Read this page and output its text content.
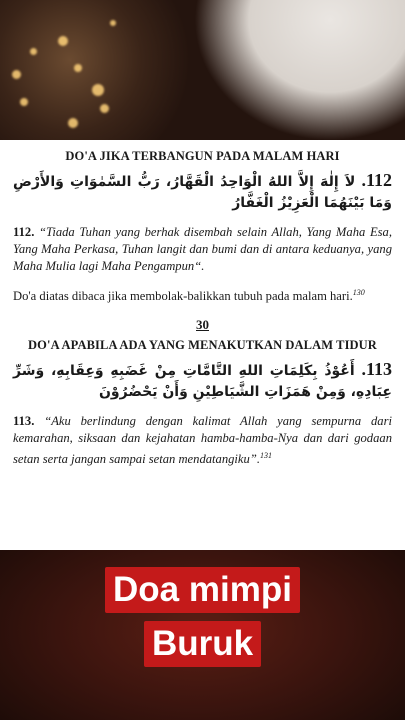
DO'A JIKA TERBANGUN PADA MALAM HARI

112. لاَ إِلٰهَ إِلاَّ اللهُ الْوَاحِدُ الْقَهَّارُ، رَبُّ السَّمٰوَاتِ وَالأَرْضِ وَمَا بَيْنَهُمَا الْعَزِيْزُ الْغَفَّارُ

112. “Tiada Tuhan yang berhak disembah selain Allah, Yang Maha Esa, Yang Maha Perkasa, Tuhan langit dan bumi dan di antara keduanya, yang Maha Mulia lagi Maha Pengampun“.

Do'a diatas dibaca jika membolak-balikkan tubuh pada malam hari.$^{130}$

30

DO'A APABILA ADA YANG MENAKUTKAN DALAM TIDUR

113. أَعُوْذُ بِكَلِمَاتِ اللهِ التَّامَّاتِ مِنْ غَضَبِهِ وَعِقَابِهِ، وَشَرِّ عِبَادِهِ، وَمِنْ هَمَزَاتِ الشَّيَاطِيْنِ وَأَنْ يَحْضُرُوْنَ

113. “Aku berlindung dengan kalimat Allah yang sempurna dari kemarahan, siksaan dan kejahatan hamba-hamba-Nya dan dari godaan setan serta jangan sampai setan mendatangiku”.$^{131}$

Doa mimpi
Buruk
